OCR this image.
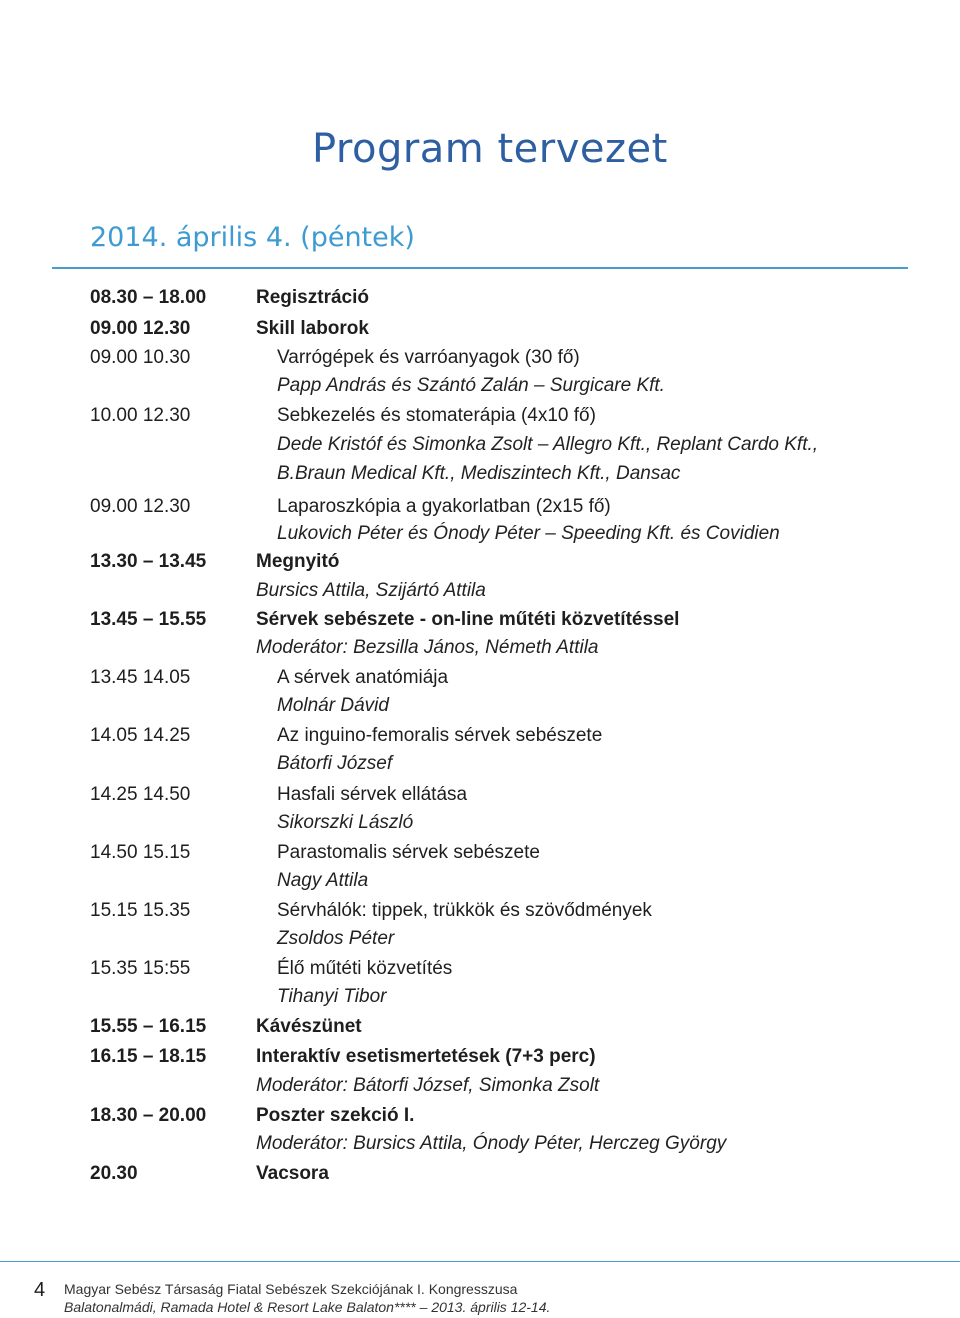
Program tervezet
2014. április 4. (péntek)
08.30 – 18.00	Regisztráció
09.00 12.30	Skill laborok
09.00 10.30	Varrógépek és varróanyagok (30 fő)
Papp András és Szántó Zalán – Surgicare Kft.
10.00 12.30	Sebkezelés és stomaterápia (4x10 fő)
Dede Kristóf és Simonka Zsolt – Allegro Kft., Replant Cardo Kft.,
B.Braun Medical Kft., Mediszintech Kft., Dansac
09.00 12.30	Laparoszkópia a gyakorlatban (2x15 fő)
Lukovich Péter és Ónody Péter – Speeding Kft. és Covidien
13.30 – 13.45	Megnyitó
Bursics Attila, Szijártó Attila
13.45 – 15.55	Sérvek sebészete - on-line műtéti közvetítéssel
Moderátor: Bezsilla János, Németh Attila
13.45 14.05	A sérvek anatómiája
Molnár Dávid
14.05 14.25	Az inguino-femoralis sérvek sebészete
Bátorfi József
14.25 14.50	Hasfali sérvek ellátása
Sikorszki László
14.50 15.15	Parastomalis sérvek sebészete
Nagy Attila
15.15 15.35	Sérvhálók: tippek, trükkök és szövődmények
Zsoldos Péter
15.35 15:55	Élő műtéti közvetítés
Tihanyi Tibor
15.55 – 16.15	Kávészünet
16.15 – 18.15	Interaktív esetismertetések (7+3 perc)
Moderátor: Bátorfi József, Simonka Zsolt
18.30 – 20.00	Poszter szekció I.
Moderátor: Bursics Attila, Ónody Péter, Herczeg György
20.30	Vacsora
4 Magyar Sebész Társaság Fiatal Sebészek Szekciójának I. Kongresszusa
Balatonalmádi, Ramada Hotel & Resort Lake Balaton**** – 2013. április 12-14.
